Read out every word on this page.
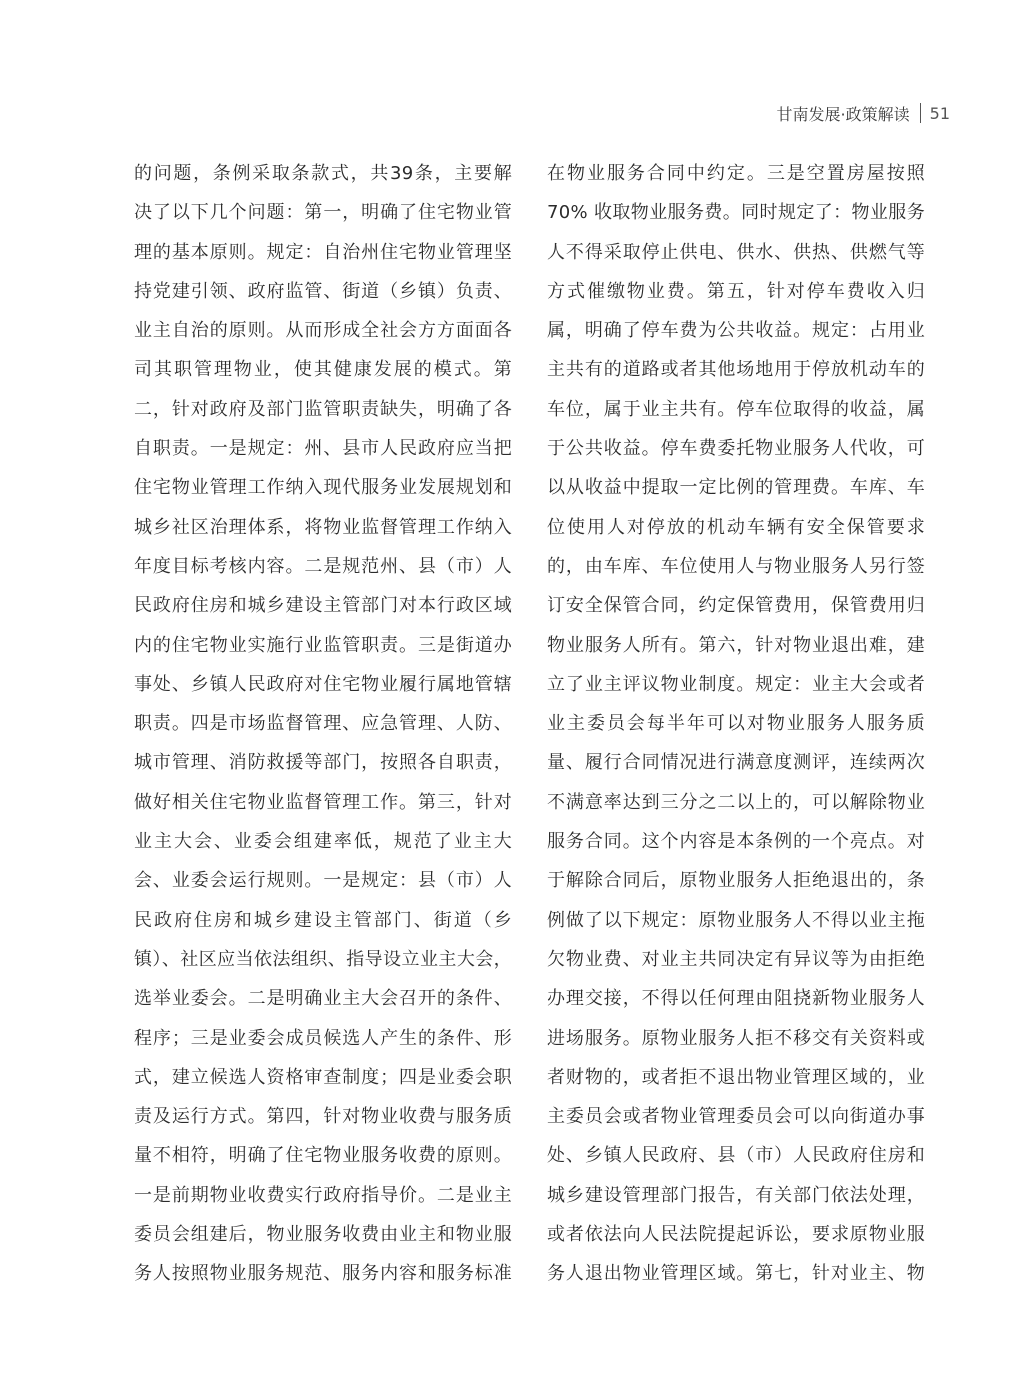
甘南发展·政策解读 51
的问题，条例采取条款式，共39条，主要解
决了以下几个问题：第一，明确了住宅物业管
理的基本原则。规定：自治州住宅物业管理坚
持党建引领、政府监管、街道（乡镇）负责、
业主自治的原则。从而形成全社会方方面面各
司其职管理物业，使其健康发展的模式。第
二，针对政府及部门监管职责缺失，明确了各
自职责。一是规定：州、县市人民政府应当把
住宅物业管理工作纳入现代服务业发展规划和
城乡社区治理体系，将物业监督管理工作纳入
年度目标考核内容。二是规范州、县（市）人
民政府住房和城乡建设主管部门对本行政区域
内的住宅物业实施行业监管职责。三是街道办
事处、乡镇人民政府对住宅物业履行属地管辖
职责。四是市场监督管理、应急管理、人防、
城市管理、消防救援等部门，按照各自职责，
做好相关住宅物业监督管理工作。第三，针对
业主大会、业委会组建率低，规范了业主大
会、业委会运行规则。一是规定：县（市）人
民政府住房和城乡建设主管部门、街道（乡
镇）、社区应当依法组织、指导设立业主大会，
选举业委会。二是明确业主大会召开的条件、
程序；三是业委会成员候选人产生的条件、形
式，建立候选人资格审查制度；四是业委会职
责及运行方式。第四，针对物业收费与服务质
量不相符，明确了住宅物业服务收费的原则。
一是前期物业收费实行政府指导价。二是业主
委员会组建后，物业服务收费由业主和物业服
务人按照物业服务规范、服务内容和服务标准
在物业服务合同中约定。三是空置房屋按照
70% 收取物业服务费。同时规定了：物业服务
人不得采取停止供电、供水、供热、供燃气等
方式催缴物业费。第五，针对停车费收入归
属，明确了停车费为公共收益。规定：占用业
主共有的道路或者其他场地用于停放机动车的
车位，属于业主共有。停车位取得的收益，属
于公共收益。停车费委托物业服务人代收，可
以从收益中提取一定比例的管理费。车库、车
位使用人对停放的机动车辆有安全保管要求
的，由车库、车位使用人与物业服务人另行签
订安全保管合同，约定保管费用，保管费用归
物业服务人所有。第六，针对物业退出难，建
立了业主评议物业制度。规定：业主大会或者
业主委员会每半年可以对物业服务人服务质
量、履行合同情况进行满意度测评，连续两次
不满意率达到三分之二以上的，可以解除物业
服务合同。这个内容是本条例的一个亮点。对
于解除合同后，原物业服务人拒绝退出的，条
例做了以下规定：原物业服务人不得以业主拖
欠物业费、对业主共同决定有异议等为由拒绝
办理交接，不得以任何理由阻挠新物业服务人
进场服务。原物业服务人拒不移交有关资料或
者财物的，或者拒不退出物业管理区域的，业
主委员会或者物业管理委员会可以向街道办事
处、乡镇人民政府、县（市）人民政府住房和
城乡建设管理部门报告，有关部门依法处理，
或者依法向人民法院提起诉讼，要求原物业服
务人退出物业管理区域。第七，针对业主、物
